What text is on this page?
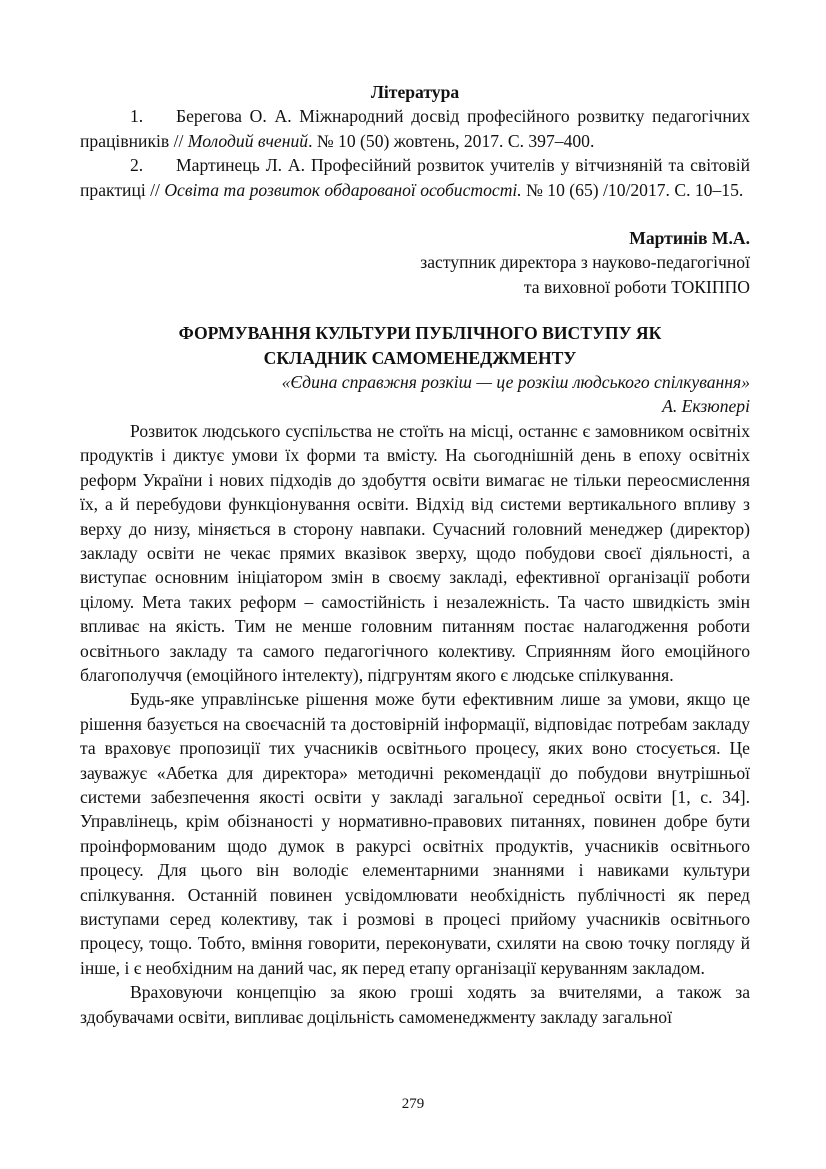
Література

1. Берегова О. А. Міжнародний досвід професійного розвитку педагогічних працівників // Молодий вчений. № 10 (50) жовтень, 2017. С. 397–400.

2. Мартинець Л. А. Професійний розвиток учителів у вітчизняній та світовій практиці // Освіта та розвиток обдарованої особистості. № 10 (65) /10/2017. С. 10–15.

Мартинів М.А.

заступник директора з науково-педагогічної

та виховної роботи ТОКІППО

ФОРМУВАННЯ КУЛЬТУРИ ПУБЛІЧНОГО ВИСТУПУ ЯК
СКЛАДНИК САМОМЕНЕДЖМЕНТУ

«Єдина справжня розкіш — це розкіш людського спілкування»

А. Екзюпері

Розвиток людського суспільства не стоїть на місці, останнє є замовником освітніх продуктів і диктує умови їх форми та вмісту. На сьогоднішній день в епоху освітніх реформ України і нових підходів до здобуття освіти вимагає не тільки переосмислення їх, а й перебудови функціонування освіти. Відхід від системи вертикального впливу з верху до низу, міняється в сторону навпаки. Сучасний головний менеджер (директор) закладу освіти не чекає прямих вказівок зверху, щодо побудови своєї діяльності, а виступає основним ініціатором змін в своєму закладі, ефективної організації роботи цілому. Мета таких реформ – самостійність і незалежність. Та часто швидкість змін впливає на якість. Тим не менше головним питанням постає налагодження роботи освітнього закладу та самого педагогічного колективу. Сприянням його емоційного благополуччя (емоційного інтелекту), підгрунтям якого є людське спілкування.

Будь-яке управлінське рішення може бути ефективним лише за умови, якщо це рішення базується на своєчасній та достовірній інформації, відповідає потребам закладу та враховує пропозиції тих учасників освітнього процесу, яких воно стосується. Це зауважує «Абетка для директора» методичні рекомендації до побудови внутрішньої системи забезпечення якості освіти у закладі загальної середньої освіти [1, с. 34]. Управлінець, крім обізнаності у нормативно-правових питаннях, повинен добре бути проінформованим щодо думок в ракурсі освітніх продуктів, учасників освітнього процесу. Для цього він володіє елементарними знаннями і навиками культури спілкування. Останній повинен усвідомлювати необхідність публічності як перед виступами серед колективу, так і розмові в процесі прийому учасників освітнього процесу, тощо. Тобто, вміння говорити, переконувати, схиляти на свою точку погляду й інше, і є необхідним на даний час, як перед етапу організації керуванням закладом.

Враховуючи концепцію за якою гроші ходять за вчителями, а також за здобувачами освіти, випливає доцільність самоменеджменту закладу загальної

279
